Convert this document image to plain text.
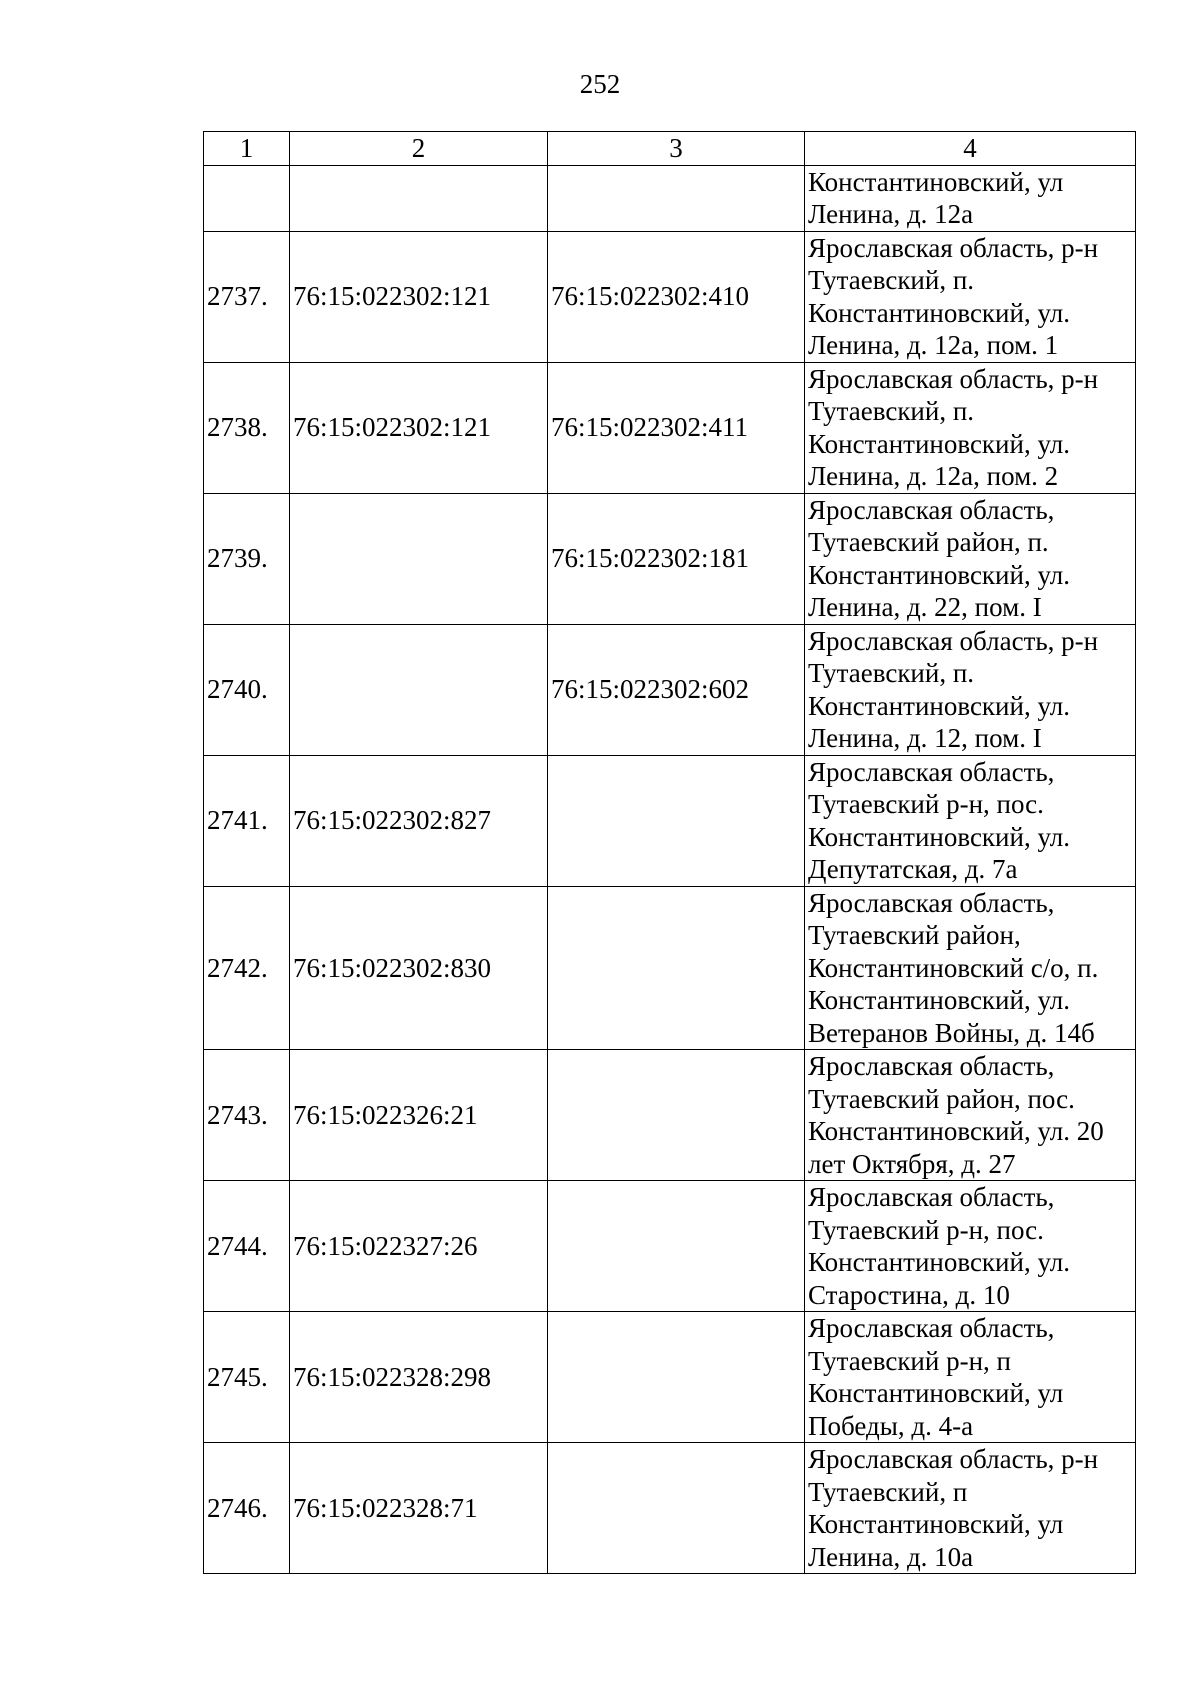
252
1	2	3	4

			Константиновский, ул
Ленина, д. 12а

2737.	76:15:022302:121	76:15:022302:410	Ярославская область, р-н
Тутаевский, п.
Константиновский, ул.
Ленина, д. 12а, пом. 1

2738.	76:15:022302:121	76:15:022302:411	Ярославская область, р-н
Тутаевский, п.
Константиновский, ул.
Ленина, д. 12а, пом. 2

2739.		76:15:022302:181	Ярославская область,
Тутаевский район, п.
Константиновский, ул.
Ленина, д. 22, пом. I

2740.		76:15:022302:602	Ярославская область, р-н
Тутаевский, п.
Константиновский, ул.
Ленина, д. 12, пом. I

2741.	76:15:022302:827		Ярославская область,
Тутаевский р-н, пос.
Константиновский, ул.
Депутатская, д. 7а

2742.	76:15:022302:830		Ярославская область,
Тутаевский район,
Константиновский с/о, п.
Константиновский, ул.
Ветеранов Войны, д. 14б

2743.	76:15:022326:21		Ярославская область,
Тутаевский район, пос.
Константиновский, ул. 20
лет Октября, д. 27

2744.	76:15:022327:26		Ярославская область,
Тутаевский р-н, пос.
Константиновский, ул.
Старостина, д. 10

2745.	76:15:022328:298		Ярославская область,
Тутаевский р-н, п
Константиновский, ул
Победы, д. 4-а

2746.	76:15:022328:71		Ярославская область, р-н
Тутаевский, п
Константиновский, ул
Ленина, д. 10а
